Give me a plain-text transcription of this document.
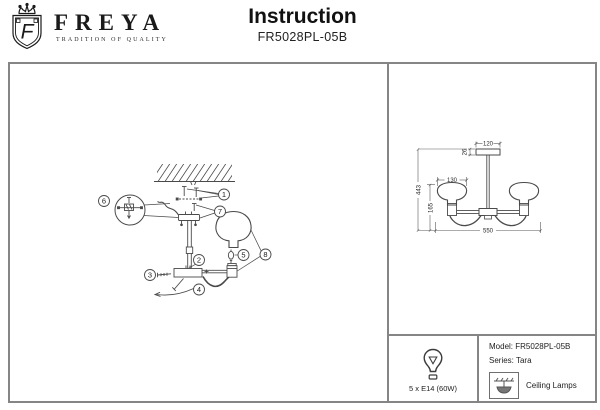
F FREYA
TRADITION OF QUALITY
Instruction
FR5028PL-05B
1
7
6
2
3
4
5 8
120
26
130
165
443
550
5 x E14 (60W)
Model: FR5028PL-05B
Series: Tara
Ceiling Lamps
